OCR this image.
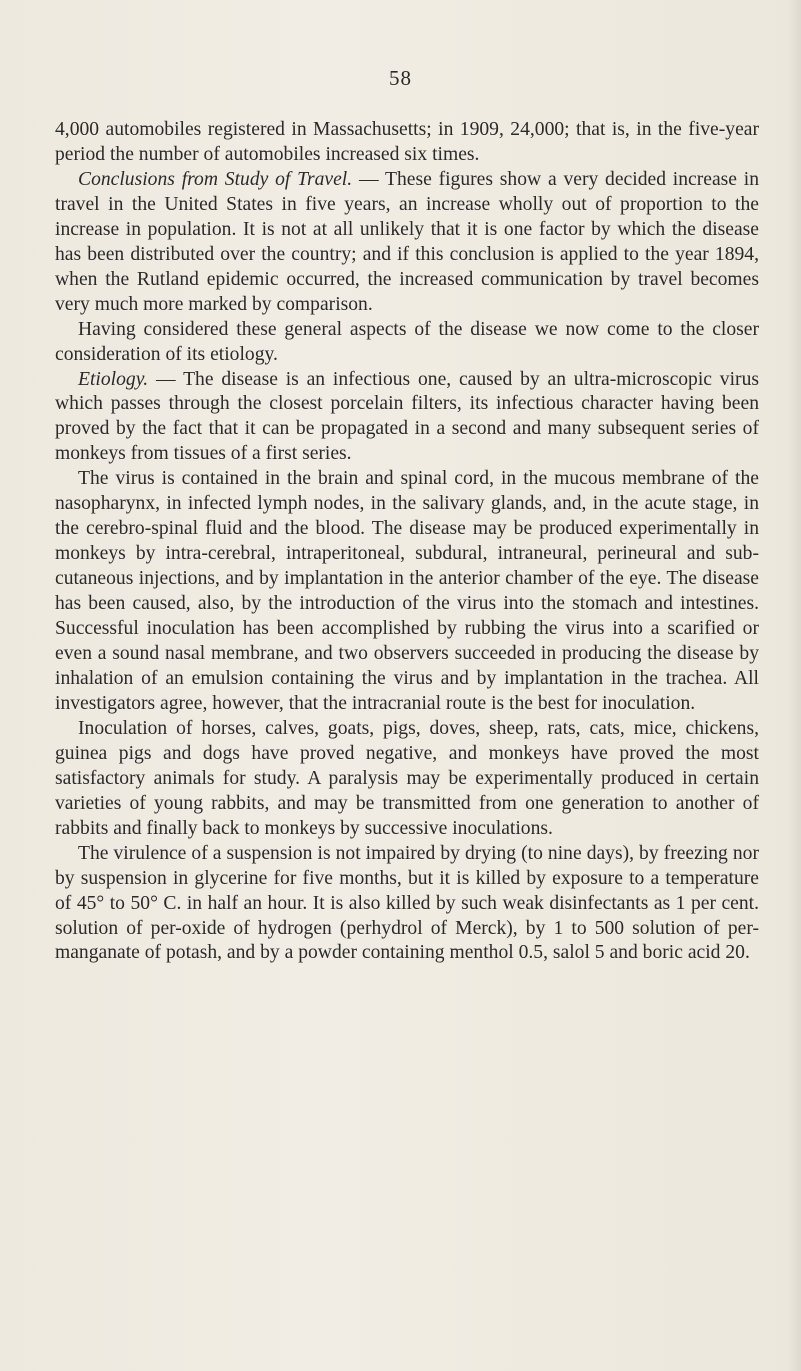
58

4,000 automobiles registered in Massachusetts; in 1909, 24,000; that is, in the five-year period the number of automobiles increased six times.

Conclusions from Study of Travel. — These figures show a very decided increase in travel in the United States in five years, an increase wholly out of proportion to the increase in population. It is not at all unlikely that it is one factor by which the disease has been distributed over the country; and if this conclusion is applied to the year 1894, when the Rutland epidemic occurred, the increased communication by travel becomes very much more marked by comparison.

Having considered these general aspects of the disease we now come to the closer consideration of its etiology.

Etiology. — The disease is an infectious one, caused by an ultra-microscopic virus which passes through the closest porcelain filters, its infectious character having been proved by the fact that it can be propagated in a second and many subsequent series of monkeys from tissues of a first series.

The virus is contained in the brain and spinal cord, in the mucous membrane of the nasopharynx, in infected lymph nodes, in the salivary glands, and, in the acute stage, in the cerebro-spinal fluid and the blood. The disease may be produced experimentally in monkeys by intra-cerebral, intraperitoneal, subdural, intraneural, perineural and sub-cutaneous injections, and by implantation in the anterior chamber of the eye. The disease has been caused, also, by the introduction of the virus into the stomach and intestines. Successful inoculation has been accomplished by rubbing the virus into a scarified or even a sound nasal membrane, and two observers succeeded in producing the disease by inhalation of an emulsion containing the virus and by implantation in the trachea. All investigators agree, however, that the intracranial route is the best for inoculation.

Inoculation of horses, calves, goats, pigs, doves, sheep, rats, cats, mice, chickens, guinea pigs and dogs have proved negative, and monkeys have proved the most satisfactory animals for study. A paralysis may be experimentally produced in certain varieties of young rabbits, and may be transmitted from one generation to another of rabbits and finally back to monkeys by successive inoculations.

The virulence of a suspension is not impaired by drying (to nine days), by freezing nor by suspension in glycerine for five months, but it is killed by exposure to a temperature of 45° to 50° C. in half an hour. It is also killed by such weak disinfectants as 1 per cent. solution of per-oxide of hydrogen (perhydrol of Merck), by 1 to 500 solution of per-manganate of potash, and by a powder containing menthol 0.5, salol 5 and boric acid 20.
